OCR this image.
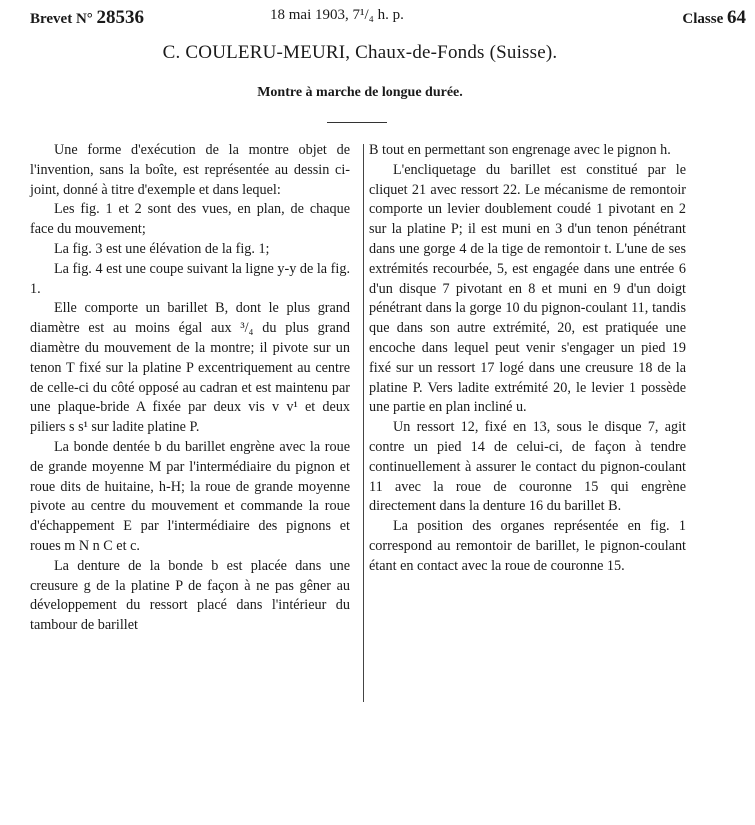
Brevet N° 28536	18 mai 1903, 7¹/₄ h. p.	Classe 64
C. COULERU-MEURI, Chaux-de-Fonds (Suisse).
Montre à marche de longue durée.

Une forme d'exécution de la montre objet de l'invention, sans la boîte, est représentée au dessin ci-joint, donné à titre d'exemple et dans lequel:

Les fig. 1 et 2 sont des vues, en plan, de chaque face du mouvement;

La fig. 3 est une élévation de la fig. 1;

La fig. 4 est une coupe suivant la ligne y-y de la fig. 1.

Elle comporte un barillet B, dont le plus grand diamètre est au moins égal aux ³/₄ du plus grand diamètre du mouvement de la montre; il pivote sur un tenon T fixé sur la platine P excentriquement au centre de celle-ci du côté opposé au cadran et est maintenu par une plaque-bride A fixée par deux vis v v¹ et deux piliers s s¹ sur ladite platine P.

La bonde dentée b du barillet engrène avec la roue de grande moyenne M par l'intermédiaire du pignon et roue dits de huitaine, h-H; la roue de grande moyenne pivote au centre du mouvement et commande la roue d'échappement E par l'intermédiaire des pignons et roues m N n C et c.

La denture de la bonde b est placée dans une creusure g de la platine P de façon à ne pas gêner au développement du ressort placé dans l'intérieur du tambour de barillet

B tout en permettant son engrenage avec le pignon h.

L'encliquetage du barillet est constitué par le cliquet 21 avec ressort 22. Le mécanisme de remontoir comporte un levier doublement coudé 1 pivotant en 2 sur la platine P; il est muni en 3 d'un tenon pénétrant dans une gorge 4 de la tige de remontoir t. L'une de ses extrémités recourbée, 5, est engagée dans une entrée 6 d'un disque 7 pivotant en 8 et muni en 9 d'un doigt pénétrant dans la gorge 10 du pignon-coulant 11, tandis que dans son autre extrémité, 20, est pratiquée une encoche dans lequel peut venir s'engager un pied 19 fixé sur un ressort 17 logé dans une creusure 18 de la platine P. Vers ladite extrémité 20, le levier 1 possède une partie en plan incliné u.

Un ressort 12, fixé en 13, sous le disque 7, agit contre un pied 14 de celui-ci, de façon à tendre continuellement à assurer le contact du pignon-coulant 11 avec la roue de couronne 15 qui engrène directement dans la denture 16 du barillet B.

La position des organes représentée en fig. 1 correspond au remontoir de barillet, le pignon-coulant étant en contact avec la roue de couronne 15.
